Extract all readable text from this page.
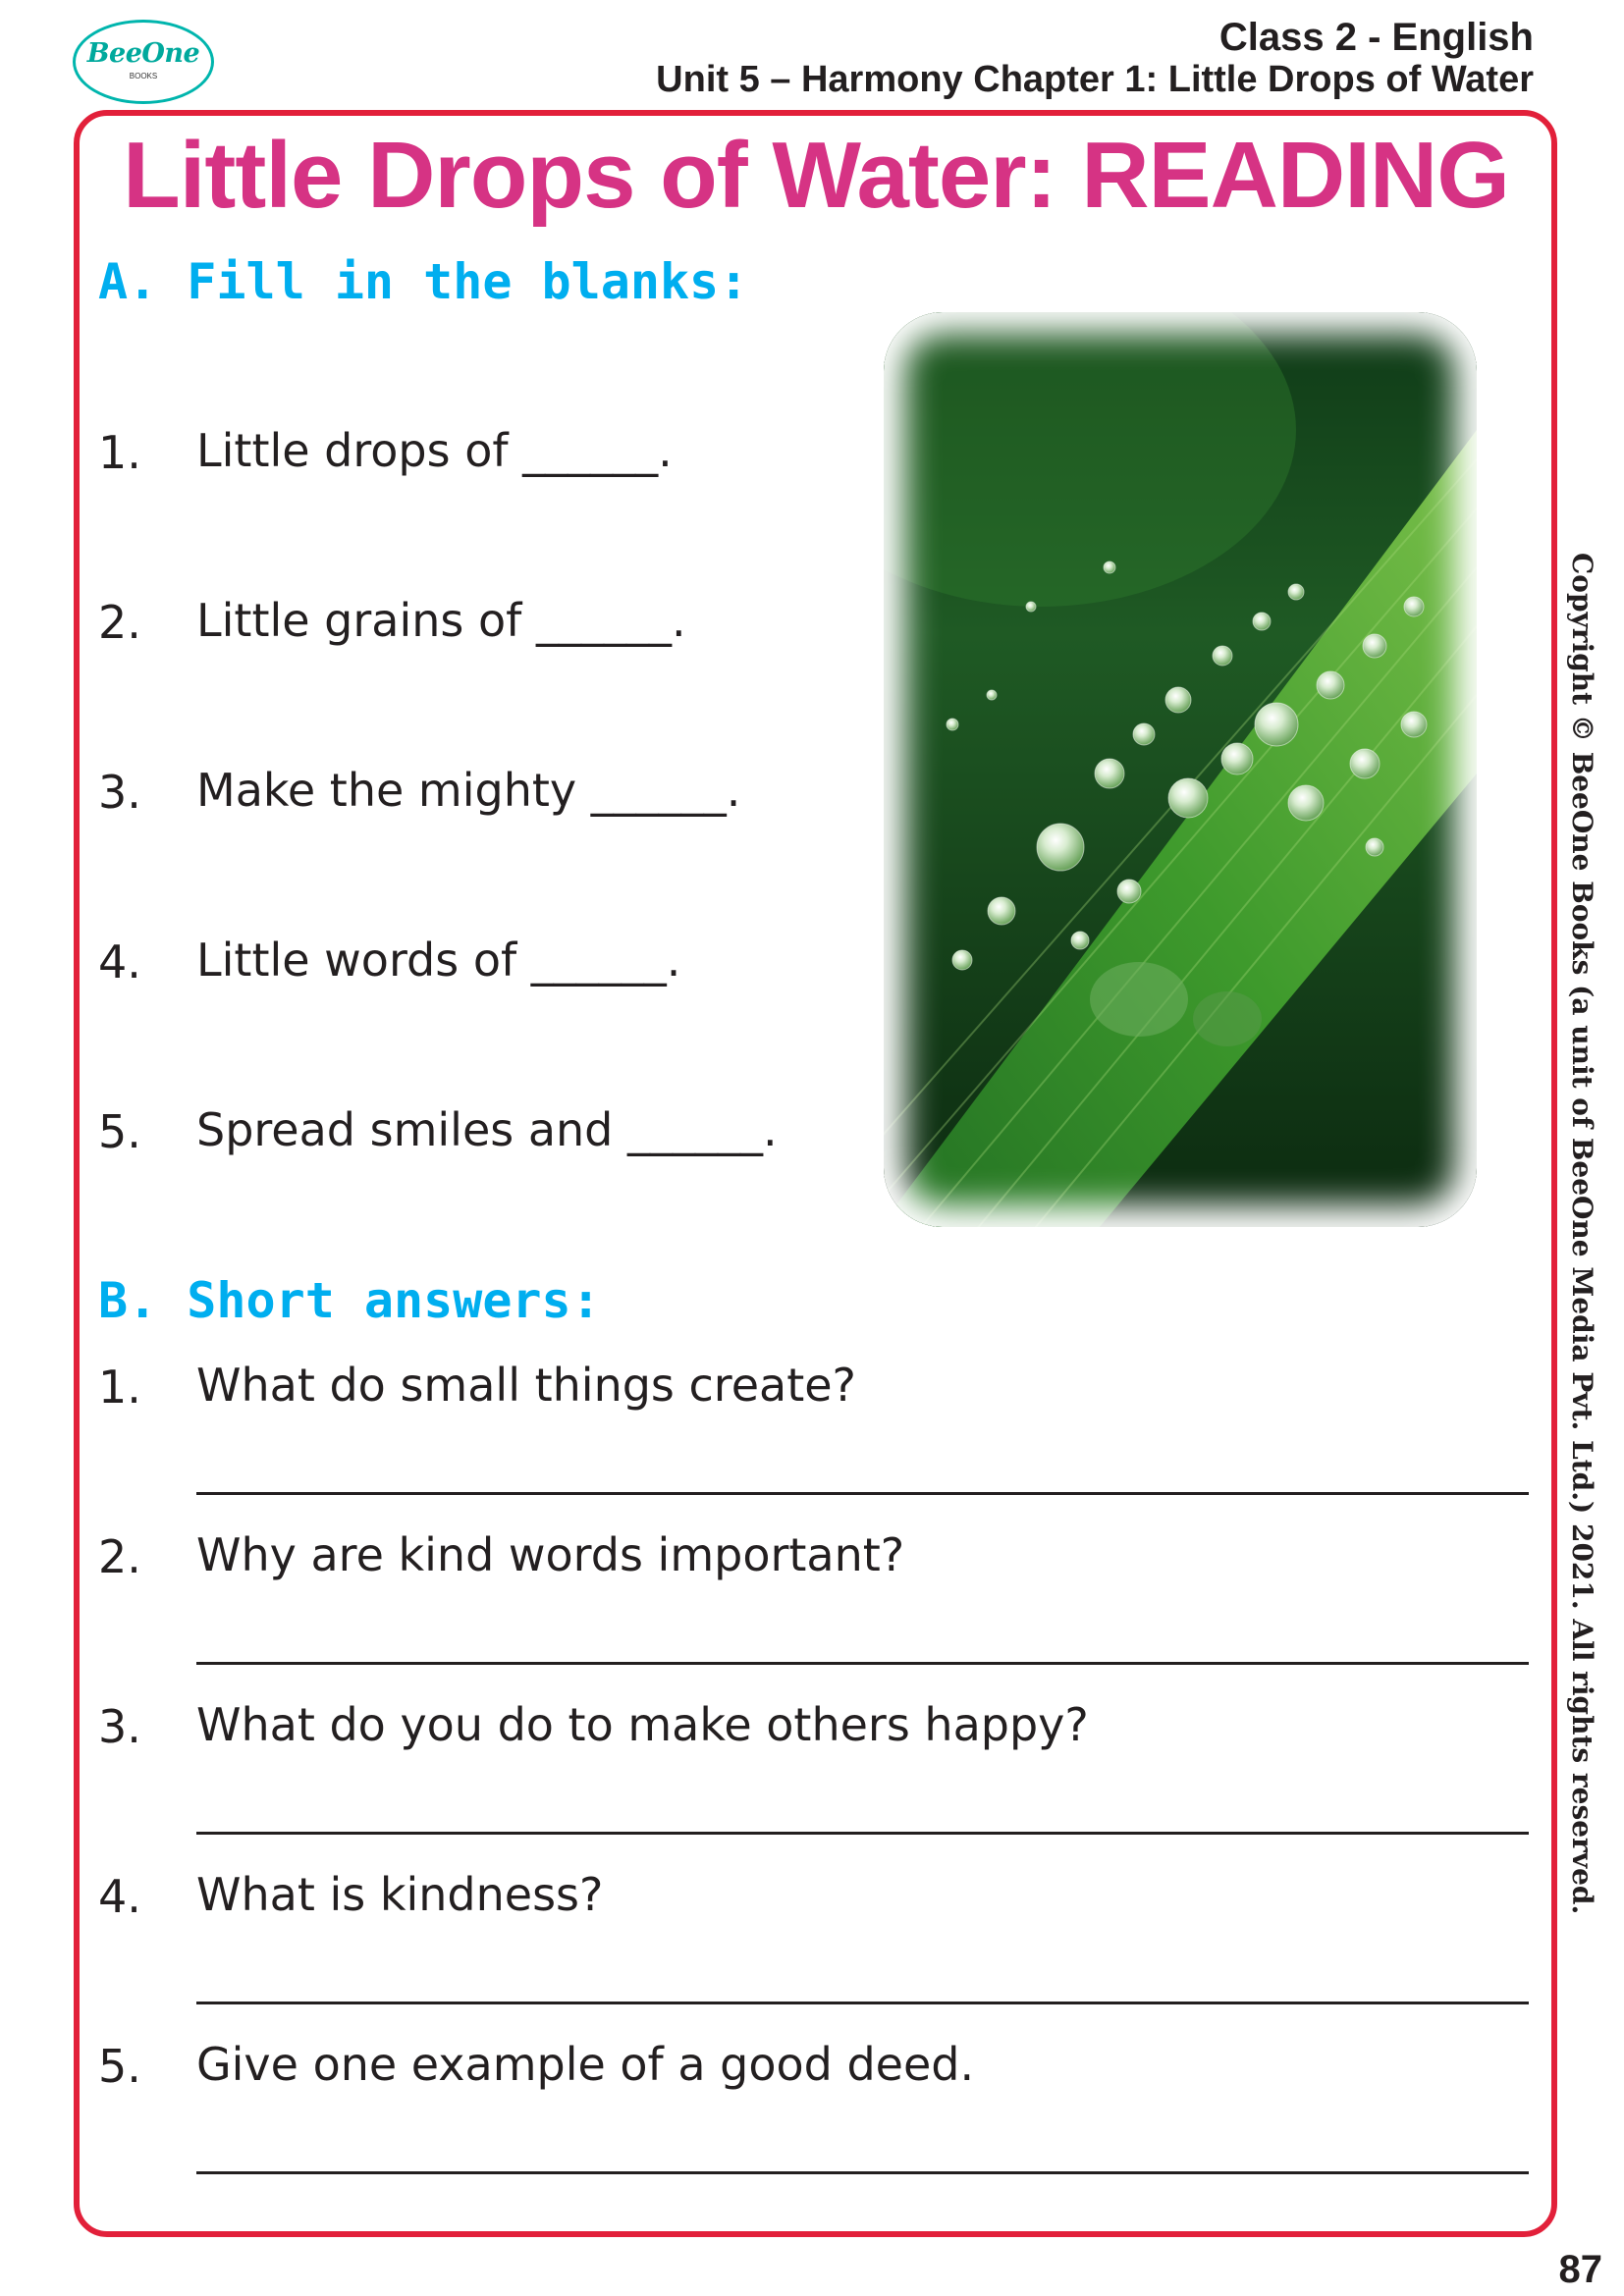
BeeOne
BOOKS
Class 2 - English
Unit 5 – Harmony Chapter 1: Little Drops of Water
Little Drops of Water: READING
A. Fill in the blanks:
1. Little drops of ______.
2. Little grains of ______.
3. Make the mighty ______.
4. Little words of ______.
5. Spread smiles and ______.
B. Short answers:
1. What do small things create?
2. Why are kind words important?
3. What do you do to make others happy?
4. What is kindness?
5. Give one example of a good deed.
Copyright © BeeOne Books (a unit of BeeOne Media Pvt. Ltd.) 2021. All rights reserved.
87
